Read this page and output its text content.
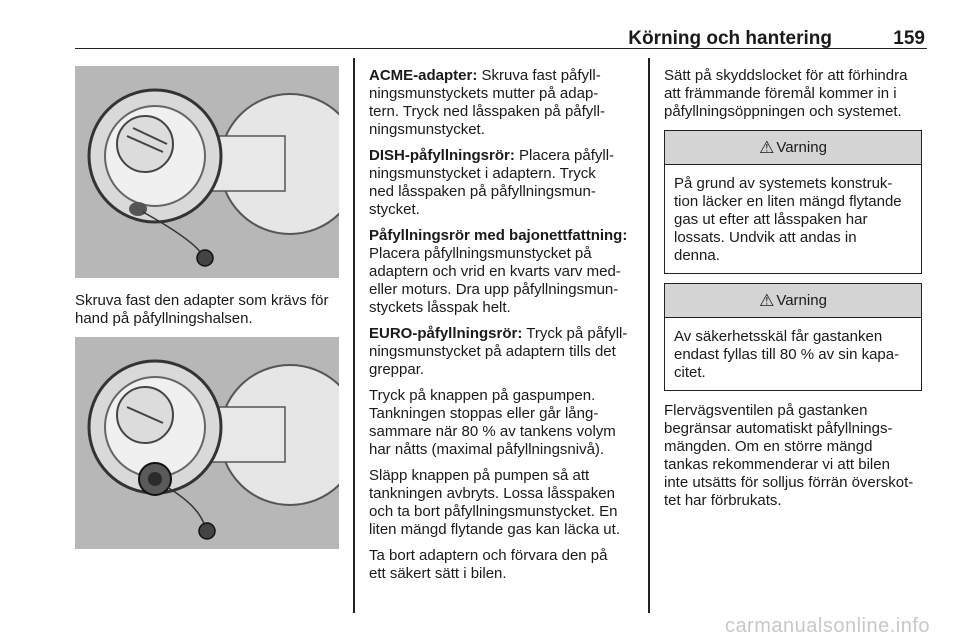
Körning och hantering	159
Skruva fast den adapter som krävs för
hand på påfyllningshalsen.

ACME-adapter: Skruva fast påfyll-
ningsmunstyckets mutter på adap-
tern. Tryck ned låsspaken på påfyll-
ningsmunstycket.

DISH-påfyllningsrör: Placera påfyll-
ningsmunstycket i adaptern. Tryck
ned låsspaken på påfyllningsmun-
stycket.

Påfyllningsrör med bajonettfattning:
Placera påfyllningsmunstycket på
adaptern och vrid en kvarts varv med-
eller moturs. Dra upp påfyllningsmun-
styckets låsspak helt.

EURO-påfyllningsrör: Tryck på påfyll-
ningsmunstycket på adaptern tills det
greppar.

Tryck på knappen på gaspumpen.
Tankningen stoppas eller går lång-
sammare när 80 % av tankens volym
har nåtts (maximal påfyllningsnivå).

Släpp knappen på pumpen så att
tankningen avbryts. Lossa låsspaken
och ta bort påfyllningsmunstycket. En
liten mängd flytande gas kan läcka ut.

Ta bort adaptern och förvara den på
ett säkert sätt i bilen.

Sätt på skyddslocket för att förhindra
att främmande föremål kommer in i
påfyllningsöppningen och systemet.

⚠ Varning
På grund av systemets konstruk-
tion läcker en liten mängd flytande
gas ut efter att låsspaken har
lossats. Undvik att andas in
denna.
⚠ Varning
Av säkerhetsskäl får gastanken
endast fyllas till 80 % av sin kapa-
citet.

Flervägsventilen på gastanken
begränsar automatiskt påfyllnings-
mängden. Om en större mängd
tankas rekommenderar vi att bilen
inte utsätts för solljus förrän överskot-
tet har förbrukats.

carmanualsonline.info
